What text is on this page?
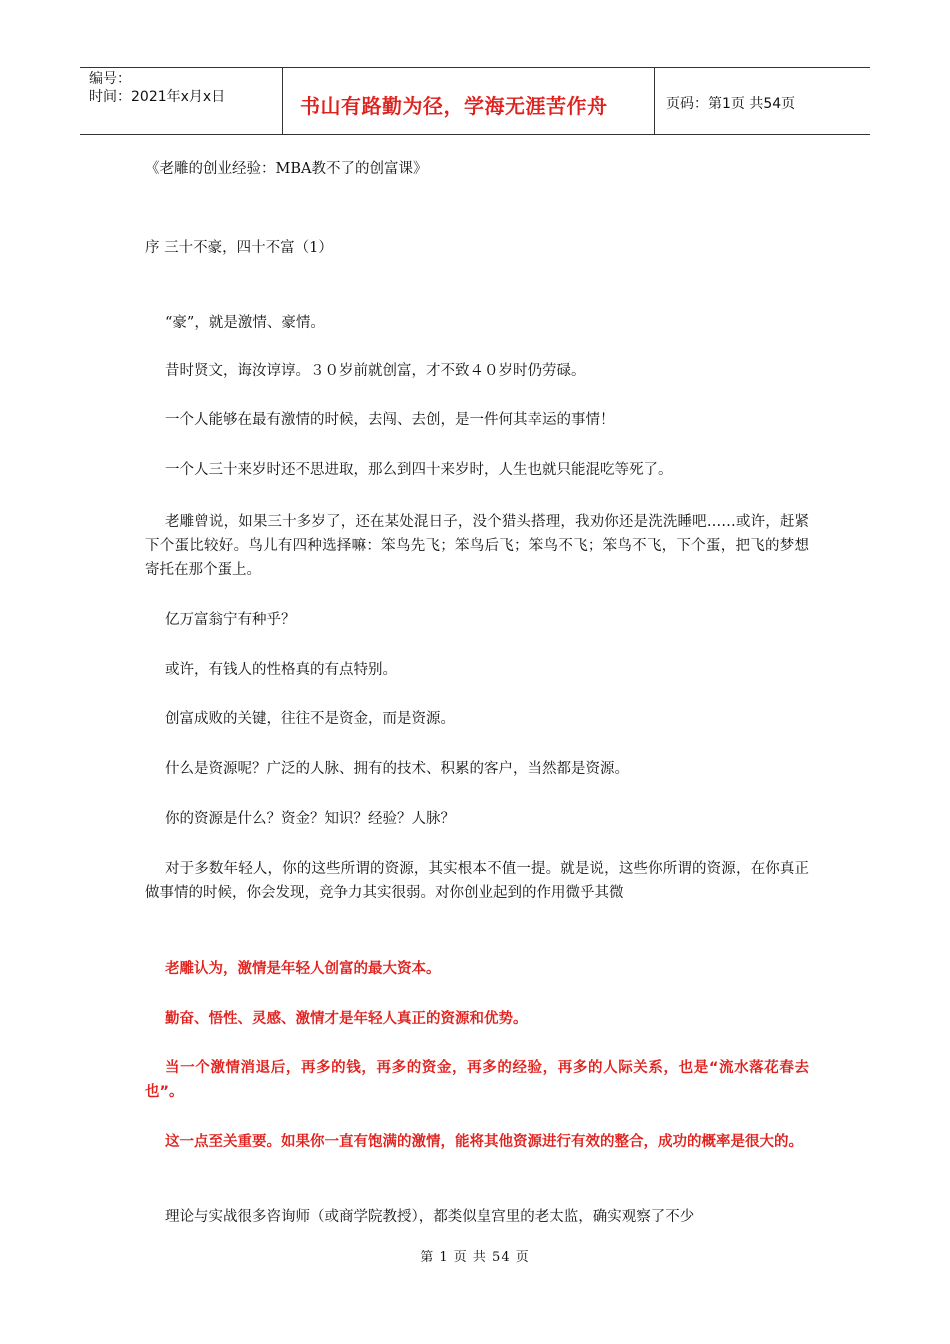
编号：
时间：2021年x月x日	书山有路勤为径，学海无涯苦作舟	页码：第1页 共54页
《老雕的创业经验：MBA教不了的创富课》
序 三十不豪，四十不富（1）
“豪”，就是激情、豪情。
昔时贤文，诲汝谆谆。３０岁前就创富，才不致４０岁时仍劳碌。
一个人能够在最有激情的时候，去闯、去创，是一件何其幸运的事情！
一个人三十来岁时还不思进取，那么到四十来岁时，人生也就只能混吃等死了。
老雕曾说，如果三十多岁了，还在某处混日子，没个猎头搭理，我劝你还是洗洗睡吧……或许，赶紧下个蛋比较好。鸟儿有四种选择嘛：笨鸟先飞；笨鸟后飞；笨鸟不飞；笨鸟不飞，下个蛋，把飞的梦想寄托在那个蛋上。
亿万富翁宁有种乎？
或许，有钱人的性格真的有点特别。
创富成败的关键，往往不是资金，而是资源。
什么是资源呢？广泛的人脉、拥有的技术、积累的客户，当然都是资源。
你的资源是什么？资金？知识？经验？人脉？
对于多数年轻人，你的这些所谓的资源，其实根本不值一提。就是说，这些你所谓的资源，在你真正做事情的时候，你会发现，竞争力其实很弱。对你创业起到的作用微乎其微
老雕认为，激情是年轻人创富的最大资本。
勤奋、悟性、灵感、激情才是年轻人真正的资源和优势。
当一个激情消退后，再多的钱，再多的资金，再多的经验，再多的人际关系，也是“流水落花春去也”。
这一点至关重要。如果你一直有饱满的激情，能将其他资源进行有效的整合，成功的概率是很大的。
理论与实战很多咨询师（或商学院教授），都类似皇宫里的老太监，确实观察了不少
第 1 页 共 54 页
